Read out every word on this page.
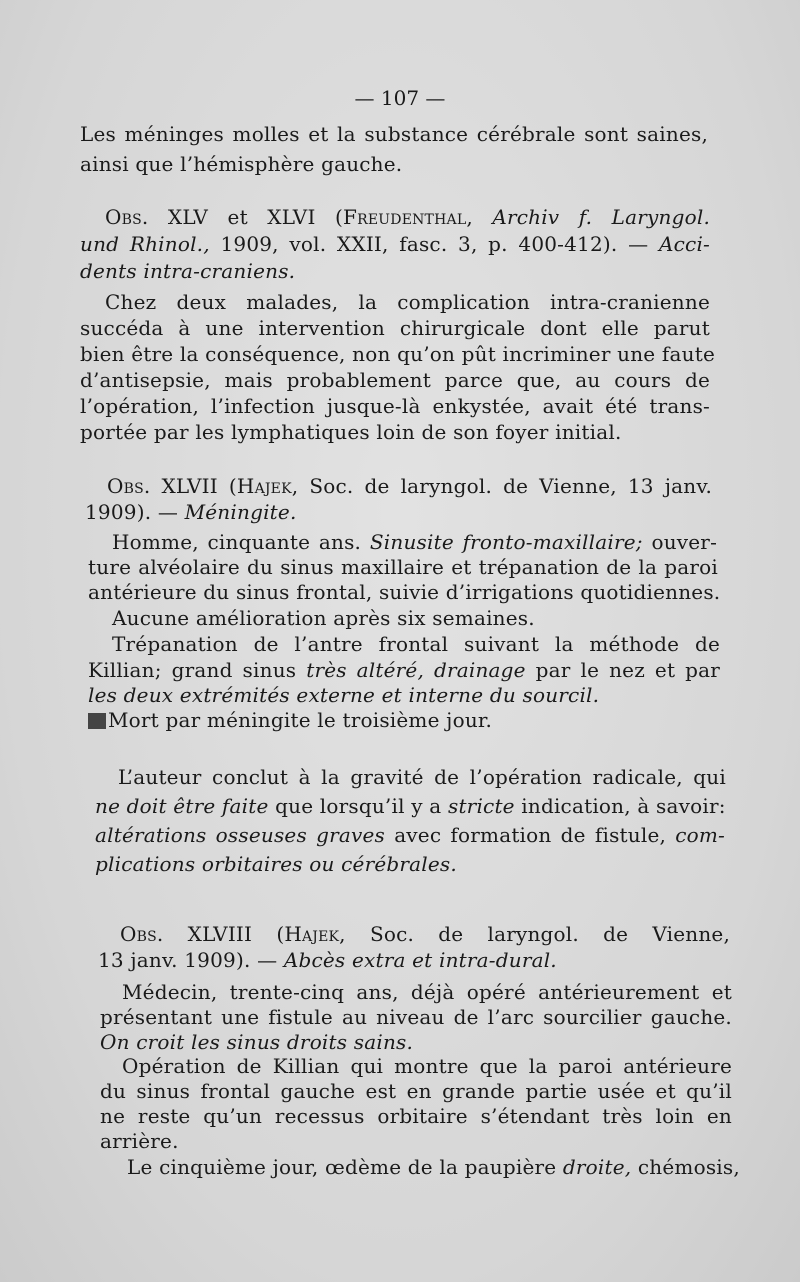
— 107 —
Les méninges molles et la substance cérébrale sont saines,
ainsi que l’hémisphère gauche.
Obs. XLV et XLVI (Freudenthal, Archiv f. Laryngol.
und Rhinol., 1909, vol. XXII, fasc. 3, p. 400-412). — Acci-
dents intra-craniens.
Chez deux malades, la complication intra-cranienne
succéda à une intervention chirurgicale dont elle parut
bien être la conséquence, non qu’on pût incriminer une faute
d’antisepsie, mais probablement parce que, au cours de
l’opération, l’infection jusque-là enkystée, avait été trans-
portée par les lymphatiques loin de son foyer initial.
Obs. XLVII (Hajek, Soc. de laryngol. de Vienne, 13 janv.
1909). — Méningite.
Homme, cinquante ans. Sinusite fronto-maxillaire; ouver-
ture alvéolaire du sinus maxillaire et trépanation de la paroi
antérieure du sinus frontal, suivie d’irrigations quotidiennes.
Aucune amélioration après six semaines.
Trépanation de l’antre frontal suivant la méthode de
Killian; grand sinus très altéré, drainage par le nez et par
les deux extrémités externe et interne du sourcil.
Mort par méningite le troisième jour.
L’auteur conclut à la gravité de l’opération radicale, qui
ne doit être faite que lorsqu’il y a stricte indication, à savoir:
altérations osseuses graves avec formation de fistule, com-
plications orbitaires ou cérébrales.
Obs. XLVIII (Hajek, Soc. de laryngol. de Vienne,
13 janv. 1909). — Abcès extra et intra-dural.
Médecin, trente-cinq ans, déjà opéré antérieurement et
présentant une fistule au niveau de l’arc sourcilier gauche.
On croit les sinus droits sains.
Opération de Killian qui montre que la paroi antérieure
du sinus frontal gauche est en grande partie usée et qu’il
ne reste qu’un recessus orbitaire s’étendant très loin en
arrière.
Le cinquième jour, œdème de la paupière droite, chémosis,
